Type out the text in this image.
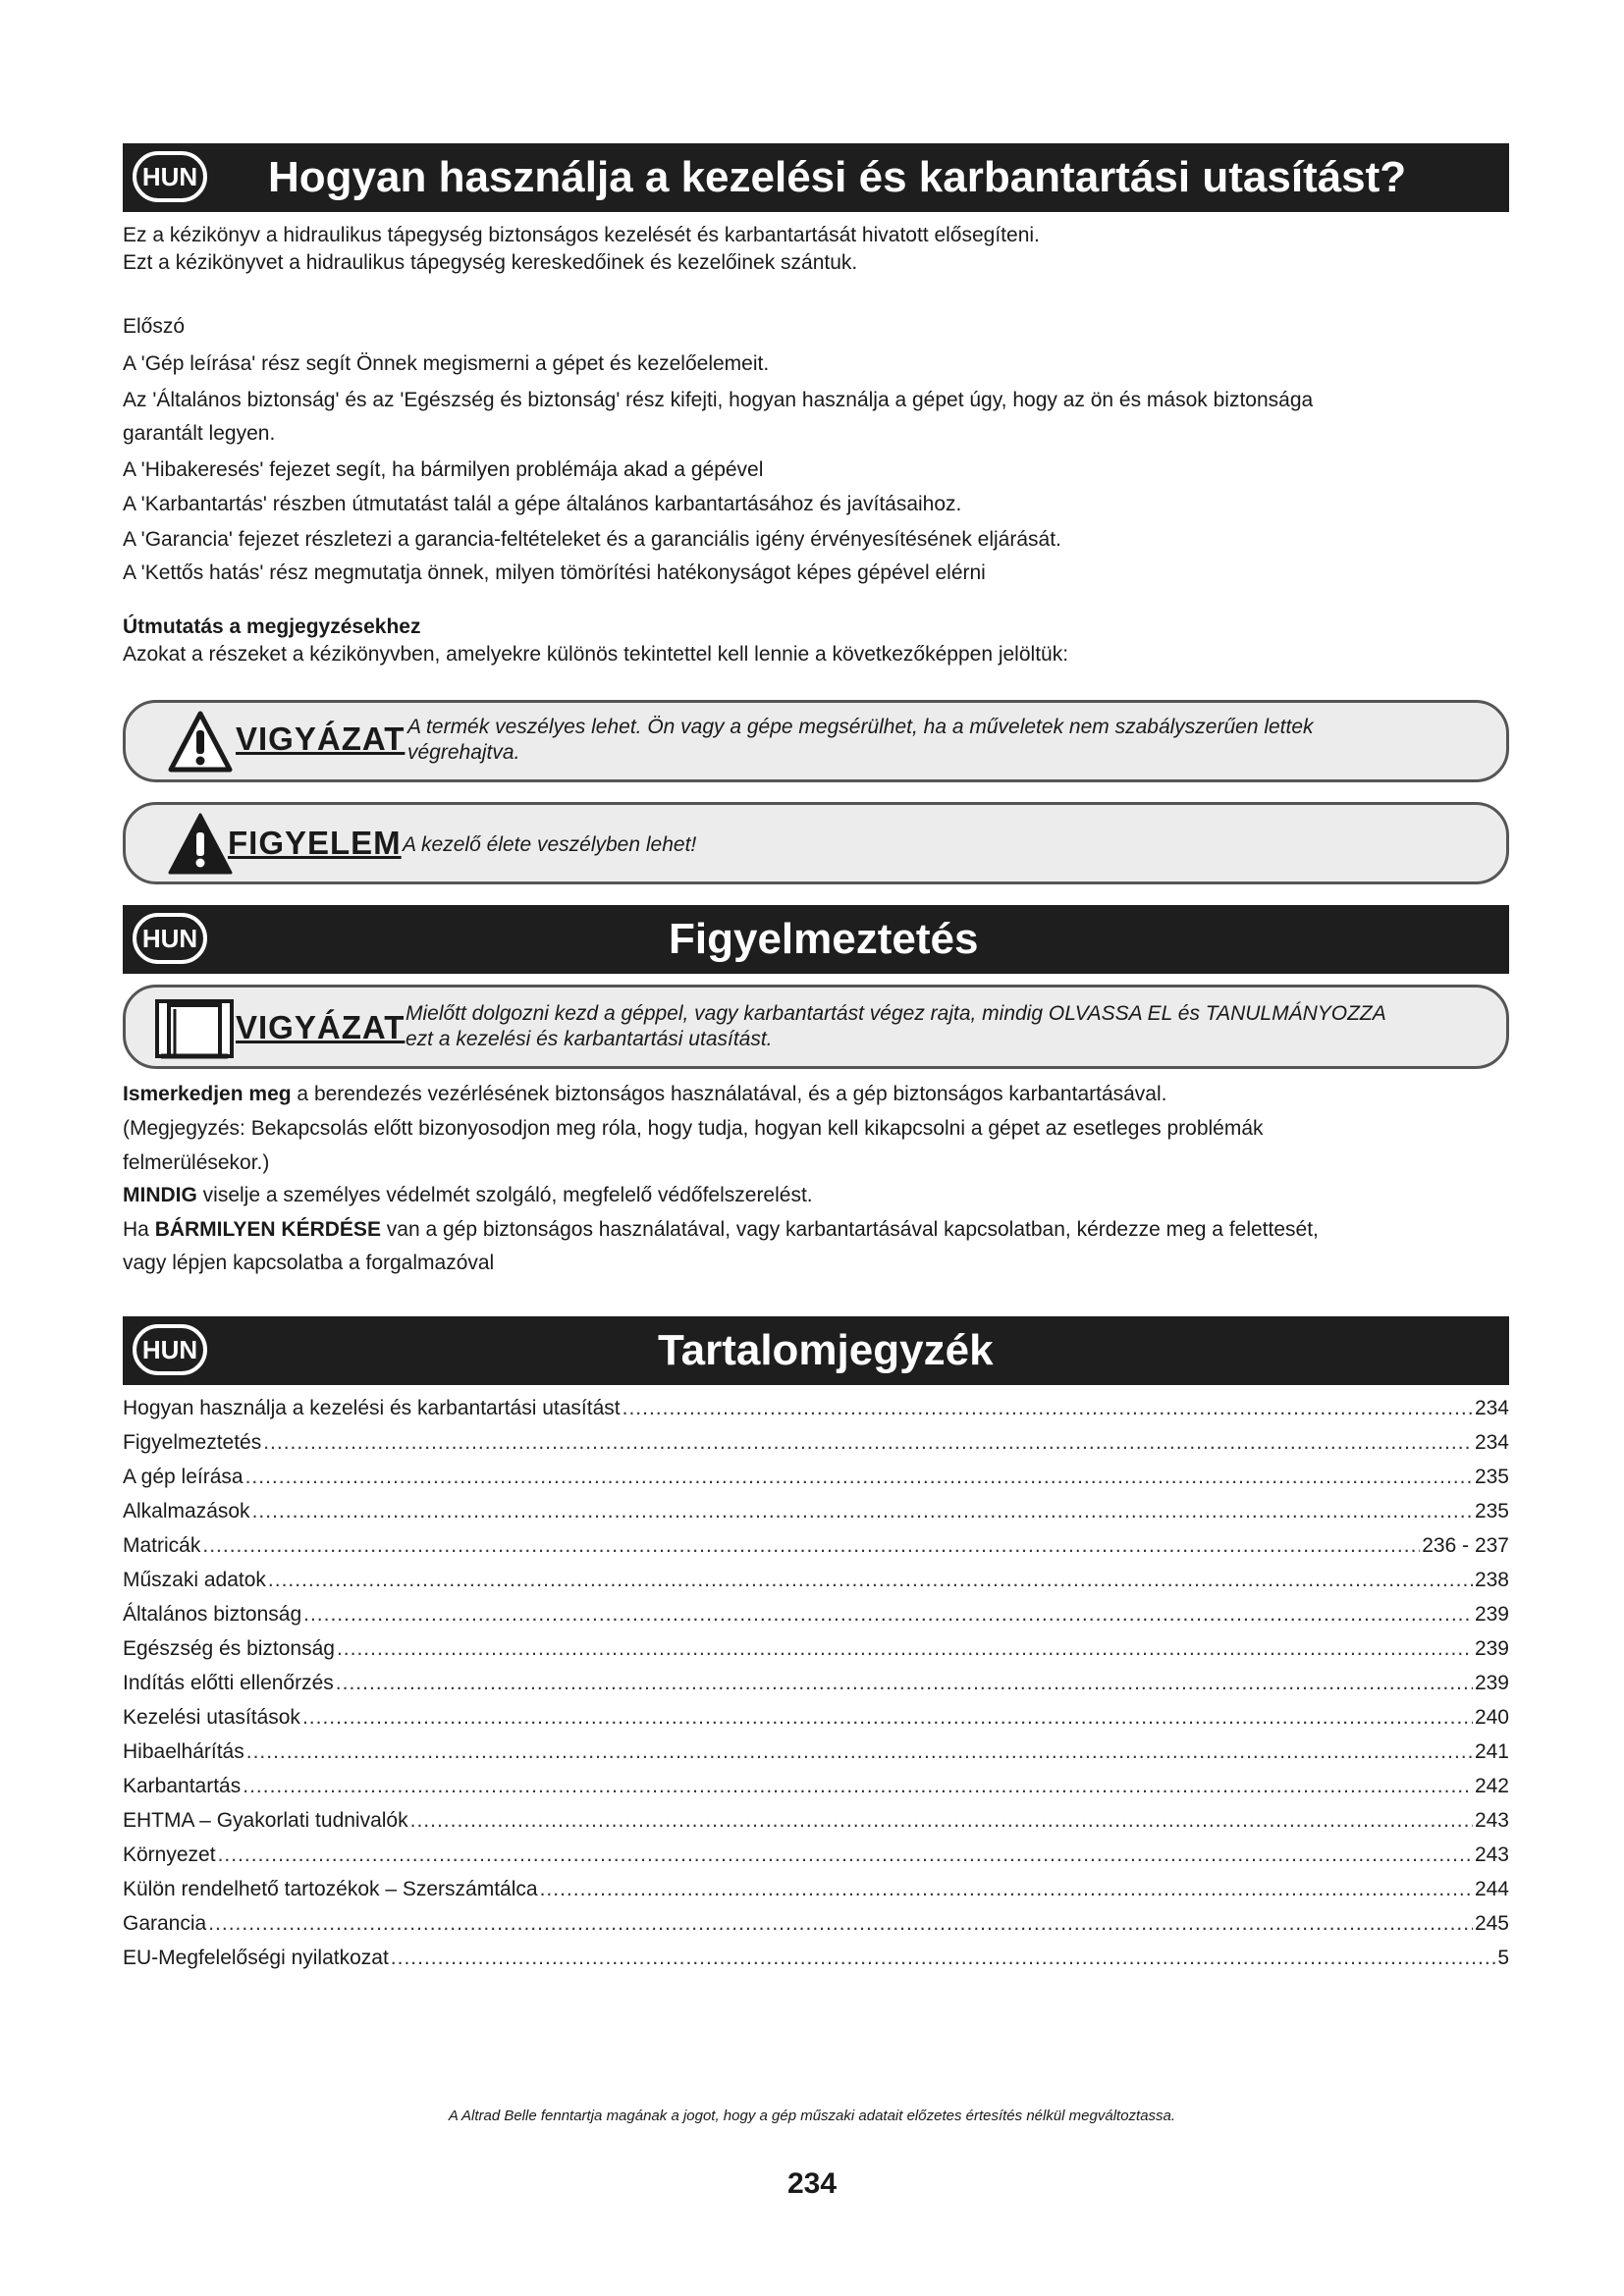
HUN Hogyan használja a kezelési és karbantartási utasítást?
Ez a kézikönyv a hidraulikus tápegység biztonságos kezelését és karbantartását hivatott elősegíteni.
Ezt a kézikönyvet a hidraulikus tápegység kereskedőinek és kezelőinek szántuk.
Előszó
A 'Gép leírása' rész segít Önnek megismerni a gépet és kezelőelemeit.
Az 'Általános biztonság' és az 'Egészség és biztonság' rész kifejti, hogyan használja a gépet úgy, hogy az ön és mások biztonsága
garantált legyen.
A 'Hibakeresés' fejezet segít, ha bármilyen problémája akad a gépével
A 'Karbantartás' részben útmutatást talál a gépe általános karbantartásához és javításaihoz.
A 'Garancia' fejezet részletezi a garancia-feltételeket és a garanciális igény érvényesítésének eljárását.
A 'Kettős hatás' rész megmutatja önnek, milyen tömörítési hatékonyságot képes gépével elérni
Útmutatás a megjegyzésekhez
Azokat a részeket a kézikönyvben, amelyekre különös tekintettel kell lennie a következőképpen jelöltük:
VIGYÁZAT A termék veszélyes lehet. Ön vagy a gépe megsérülhet, ha a műveletek nem szabályszerűen lettek
végrehajtva.
FIGYELEM A kezelő élete veszélyben lehet!
HUN	Figyelmeztetés
VIGYÁZAT Mielőtt dolgozni kezd a géppel, vagy karbantartást végez rajta, mindig OLVASSA EL és TANULMÁNYOZZA
ezt a kezelési és karbantartási utasítást.
Ismerkedjen meg a berendezés vezérlésének biztonságos használatával, és a gép biztonságos karbantartásával.
(Megjegyzés: Bekapcsolás előtt bizonyosodjon meg róla, hogy tudja, hogyan kell kikapcsolni a gépet az esetleges problémák
felmerülésekor.)
MINDIG viselje a személyes védelmét szolgáló, megfelelő védőfelszerelést.
Ha BÁRMILYEN KÉRDÉSE van a gép biztonságos használatával, vagy karbantartásával kapcsolatban, kérdezze meg a felettesét,
vagy lépjen kapcsolatba a forgalmazóval
HUN	Tartalomjegyzék
Hogyan használja a kezelési és karbantartási utasítást .....	234
Figyelmeztetés .....	234
A gép leírása .....	235
Alkalmazások .....	235
Matricák .....	236 - 237
Műszaki adatok .....	238
Általános biztonság .....	239
Egészség és biztonság .....	239
Indítás előtti ellenőrzés .....	239
Kezelési utasítások .....	240
Hibaelhárítás .....	241
Karbantartás .....	242
EHTMA – Gyakorlati tudnivalók .....	243
Környezet .....	243
Külön rendelhető tartozékok – Szerszámtálca .....	244
Garancia .....	245
EU-Megfelelőségi nyilatkozat .....	5
A Altrad Belle fenntartja magának a jogot, hogy a gép műszaki adatait előzetes értesítés nélkül megváltoztassa.
234
